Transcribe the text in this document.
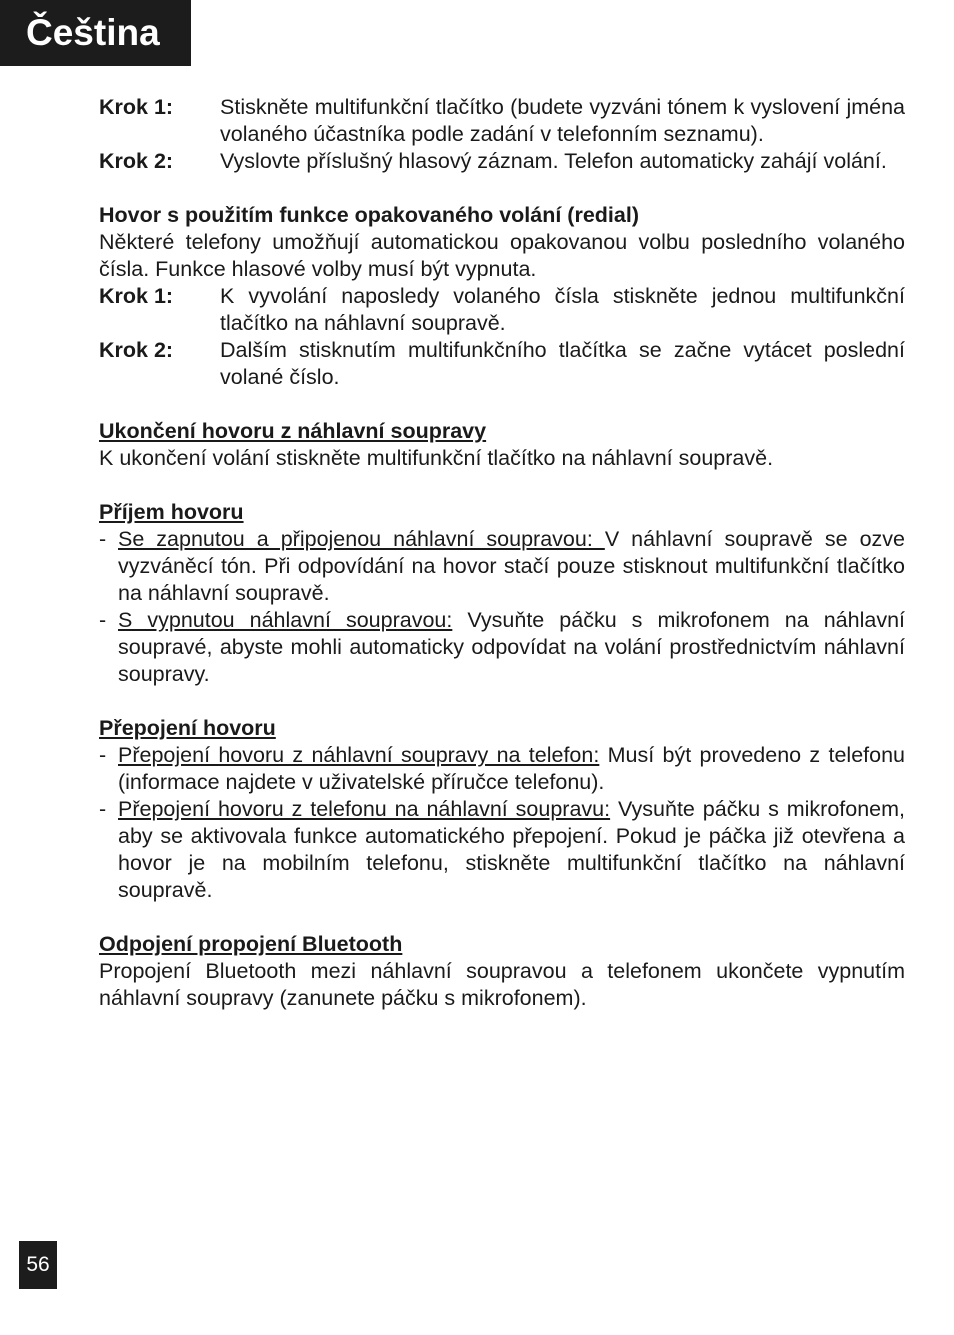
Čeština
Krok 1:	Stiskněte multifunkční tlačítko (budete vyzváni tónem k vyslovení jména volaného účastníka podle zadání v telefonním seznamu).
Krok 2:	Vyslovte příslušný hlasový záznam. Telefon automaticky zahájí volání.
Hovor s použitím funkce opakovaného volání (redial)
Některé telefony umožňují automatickou opakovanou volbu posledního volaného čísla. Funkce hlasové volby musí být vypnuta.
Krok 1:	K vyvolání naposledy volaného čísla stiskněte jednou multifunkční tlačítko na náhlavní soupravě.
Krok 2:	Dalším stisknutím multifunkčního tlačítka se začne vytácet poslední volané číslo.
Ukončení hovoru z náhlavní soupravy
K ukončení volání stiskněte multifunkční tlačítko na náhlavní soupravě.
Příjem hovoru
- Se zapnutou a připojenou náhlavní soupravou: V náhlavní soupravě se ozve vyzváněcí tón. Při odpovídání na hovor stačí pouze stisknout multifunkční tlačítko na náhlavní soupravě.
- S vypnutou náhlavní soupravou: Vysuňte páčku s mikrofonem na náhlavní soupravé, abyste mohli automaticky odpovídat na volání prostřednictvím náhlavní soupravy.
Přepojení hovoru
- Přepojení hovoru z náhlavní soupravy na telefon: Musí být provedeno z telefonu (informace najdete v uživatelské příručce telefonu).
- Přepojení hovoru z telefonu na náhlavní soupravu: Vysuňte páčku s mikrofonem, aby se aktivovala funkce automatického přepojení. Pokud je páčka již otevřena a hovor je na mobilním telefonu, stiskněte multifunkční tlačítko na náhlavní soupravě.
Odpojení propojení Bluetooth
Propojení Bluetooth mezi náhlavní soupravou a telefonem ukončete vypnutím náhlavní soupravy (zanunete páčku s mikrofonem).
56
